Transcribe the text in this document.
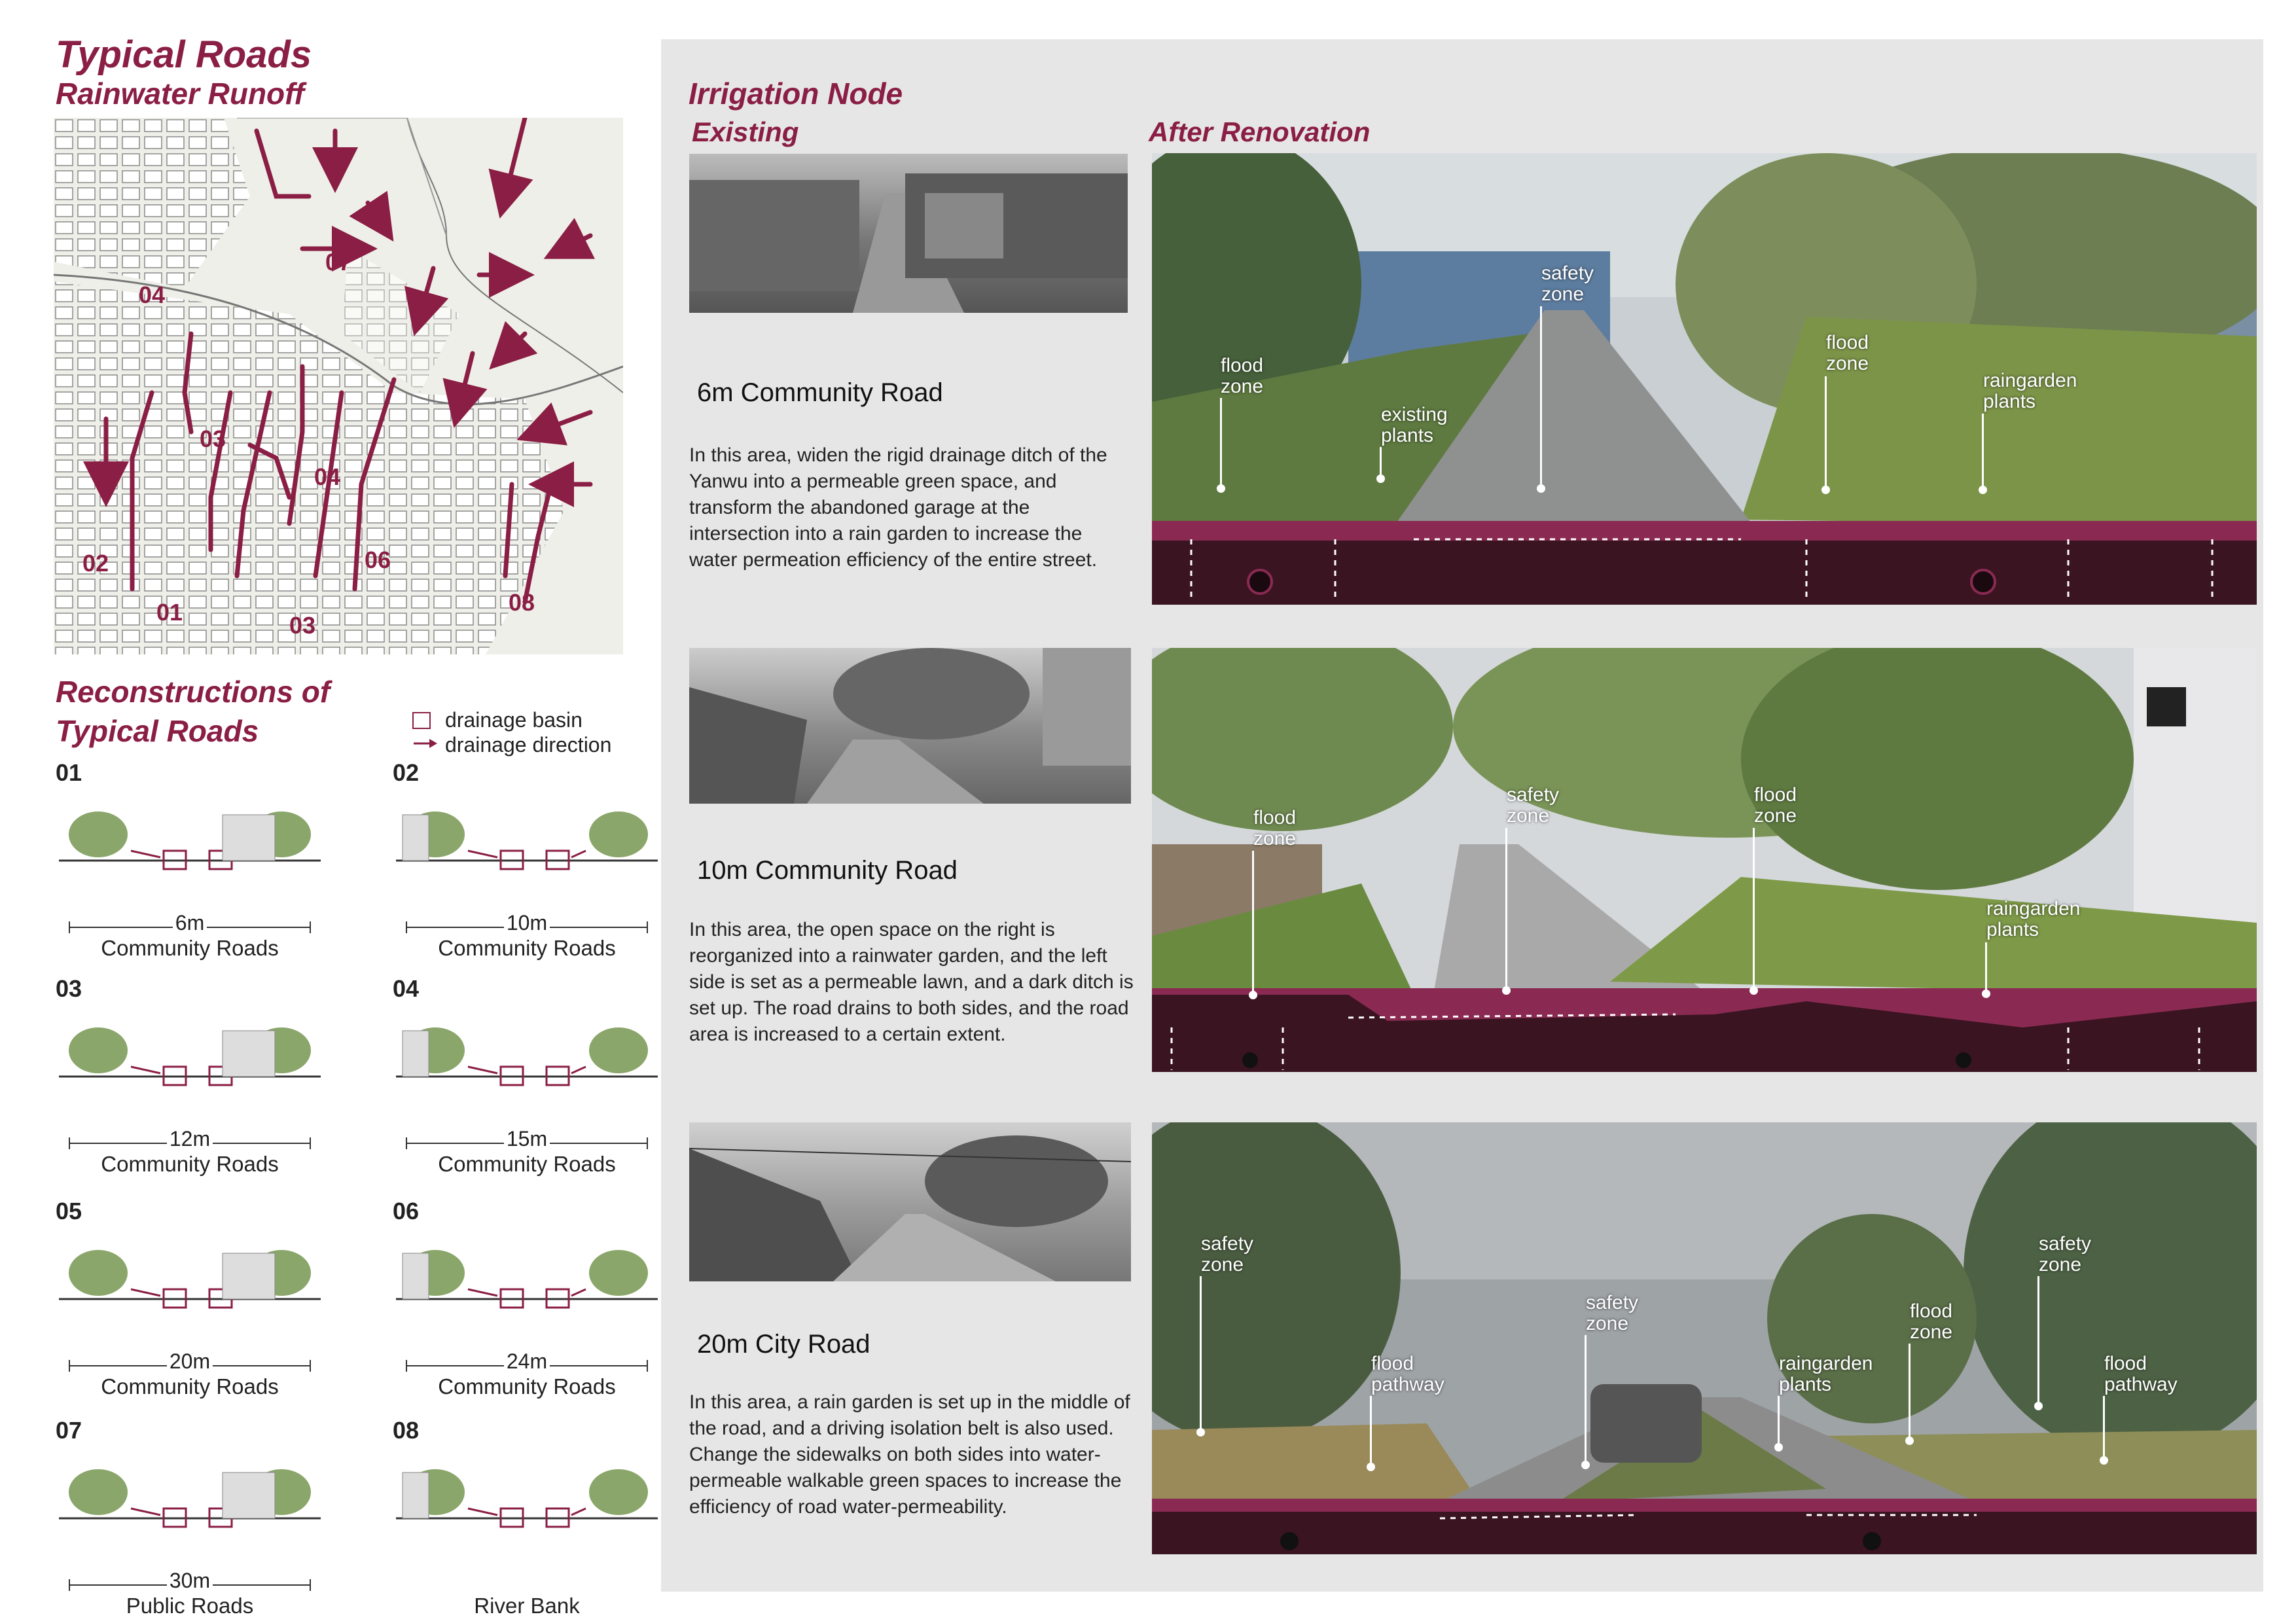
Typical Roads
Rainwater Runoff
04
07
03
04
02	06
01	03
08
Reconstructions of
Typical Roads	drainage basin
drainage direction
01
6m
Community Roads
02
10m
Community Roads
03
12m
Community Roads
04
15m
Community Roads
05
20m
Community Roads
06
24m
Community Roads
07
30m
Public Roads
08
River Bank
Irrigation Node
Existing	After Renovation
6m Community Road
In this area, widen the rigid drainage ditch of the Yanwu into a permeable green space, and transform the abandoned garage at the intersection into a rain garden to increase the water permeation efficiency of the entire street.
flood
zone
existing
plants
safety
zone
flood
zone
raingarden
plants
10m Community Road
In this area, the open space on the right is reorganized into a rainwater garden, and the left side is set as a permeable lawn, and a dark ditch is set up. The road drains to both sides, and the road area is increased to a certain extent.
flood
zone
safety
zone
flood
zone
raingarden
plants
20m City Road
In this area, a rain garden is set up in the middle of the road, and a driving isolation belt is also used. Change the sidewalks on both sides into water-permeable walkable green spaces to increase the efficiency of road water-permeability.
safety
zone
flood
pathway
safety
zone
raingarden
plants
flood
zone
safety
zone
flood
pathway
